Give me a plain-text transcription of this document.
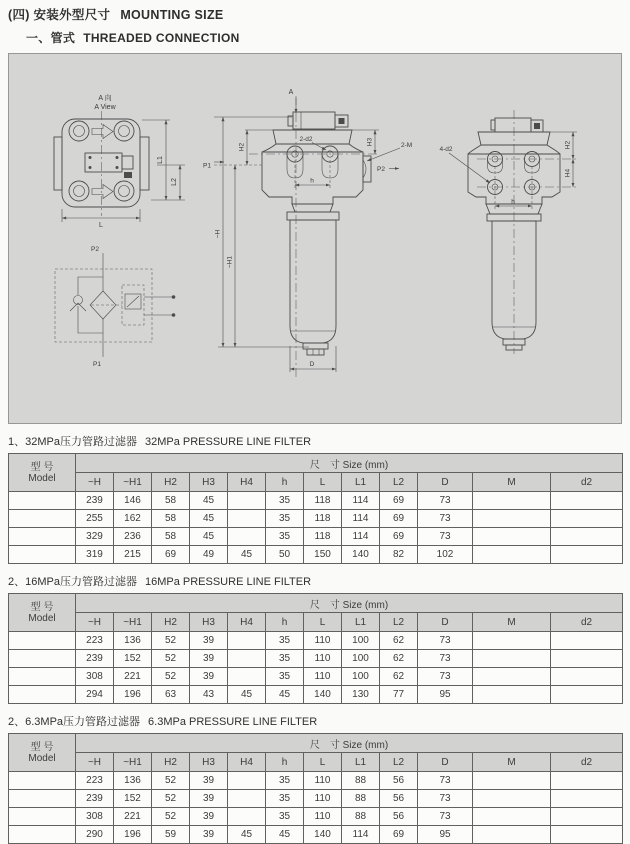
(四) 安装外型尺寸 MOUNTING SIZE
一、管式 THREADED CONNECTION
A 向
A View
L1
L2
L
P2
P1
A
2-d2
h
2-M
P2
P1
~H
~H1
H2
H3
D
4-d2
h
H2
H4
1、32MPa压力管路过滤器 32MPa PRESSURE LINE FILTER
型 号
Model	尺　寸 Size (mm)											
	~H	~H1	H2	H3	H4	h	L	L1	L2	D	M	d2
	239	146	58	45		35	118	114	69	73		
	255	162	58	45		35	118	114	69	73		
	329	236	58	45		35	118	114	69	73		
	319	215	69	49	45	50	150	140	82	102		
2、16MPa压力管路过滤器 16MPa PRESSURE LINE FILTER
型 号
Model	尺　寸 Size (mm)											
	~H	~H1	H2	H3	H4	h	L	L1	L2	D	M	d2
	223	136	52	39		35	110	100	62	73		
	239	152	52	39		35	110	100	62	73		
	308	221	52	39		35	110	100	62	73		
	294	196	63	43	45	45	140	130	77	95		
2、6.3MPa压力管路过滤器 6.3MPa PRESSURE LINE FILTER
型 号
Model	尺　寸 Size (mm)											
	~H	~H1	H2	H3	H4	h	L	L1	L2	D	M	d2
	223	136	52	39		35	110	88	56	73		
	239	152	52	39		35	110	88	56	73		
	308	221	52	39		35	110	88	56	73		
	290	196	59	39	45	45	140	114	69	95		
